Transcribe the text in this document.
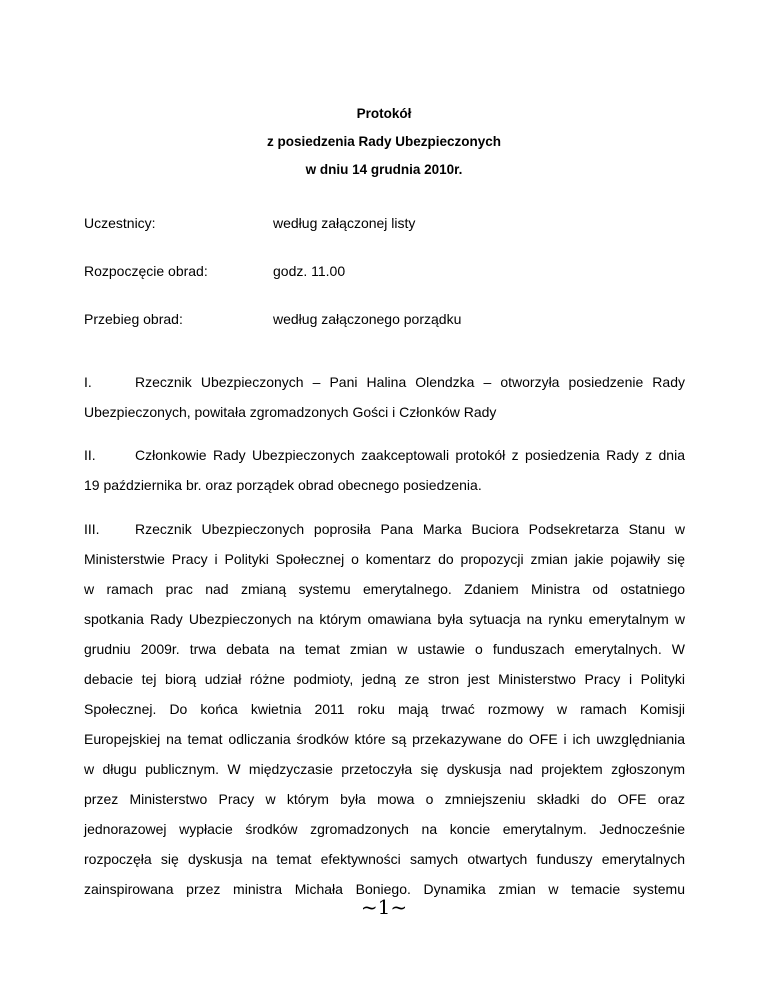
Protokół
z posiedzenia Rady Ubezpieczonych
w dniu 14 grudnia 2010r.
Uczestnicy:	według załączonej listy
Rozpoczęcie obrad:	godz. 11.00
Przebieg obrad:	według załączonego porządku
I.	Rzecznik Ubezpieczonych – Pani Halina Olendzka – otworzyła posiedzenie Rady
Ubezpieczonych, powitała zgromadzonych Gości i Członków Rady
II.	Członkowie Rady Ubezpieczonych zaakceptowali protokół z posiedzenia Rady z dnia
19 października br. oraz porządek obrad obecnego posiedzenia.
III.	Rzecznik Ubezpieczonych poprosiła Pana Marka Buciora Podsekretarza Stanu w
Ministerstwie Pracy i Polityki Społecznej o komentarz do propozycji zmian jakie pojawiły się
w ramach prac nad zmianą systemu emerytalnego. Zdaniem Ministra od ostatniego
spotkania Rady Ubezpieczonych na którym omawiana była sytuacja na rynku emerytalnym w
grudniu 2009r. trwa debata na temat zmian w ustawie o funduszach emerytalnych. W
debacie tej biorą udział różne podmioty, jedną ze stron jest Ministerstwo Pracy i Polityki
Społecznej. Do końca kwietnia 2011 roku mają trwać rozmowy w ramach Komisji
Europejskiej na temat odliczania środków które są przekazywane do OFE i ich uwzględniania
w długu publicznym. W międzyczasie przetoczyła się dyskusja nad projektem zgłoszonym
przez Ministerstwo Pracy w którym była mowa o zmniejszeniu składki do OFE oraz
jednorazowej wypłacie środków zgromadzonych na koncie emerytalnym. Jednocześnie
rozpoczęła się dyskusja na temat efektywności samych otwartych funduszy emerytalnych
zainspirowana przez ministra Michała Boniego. Dynamika zmian w temacie systemu
~1~
